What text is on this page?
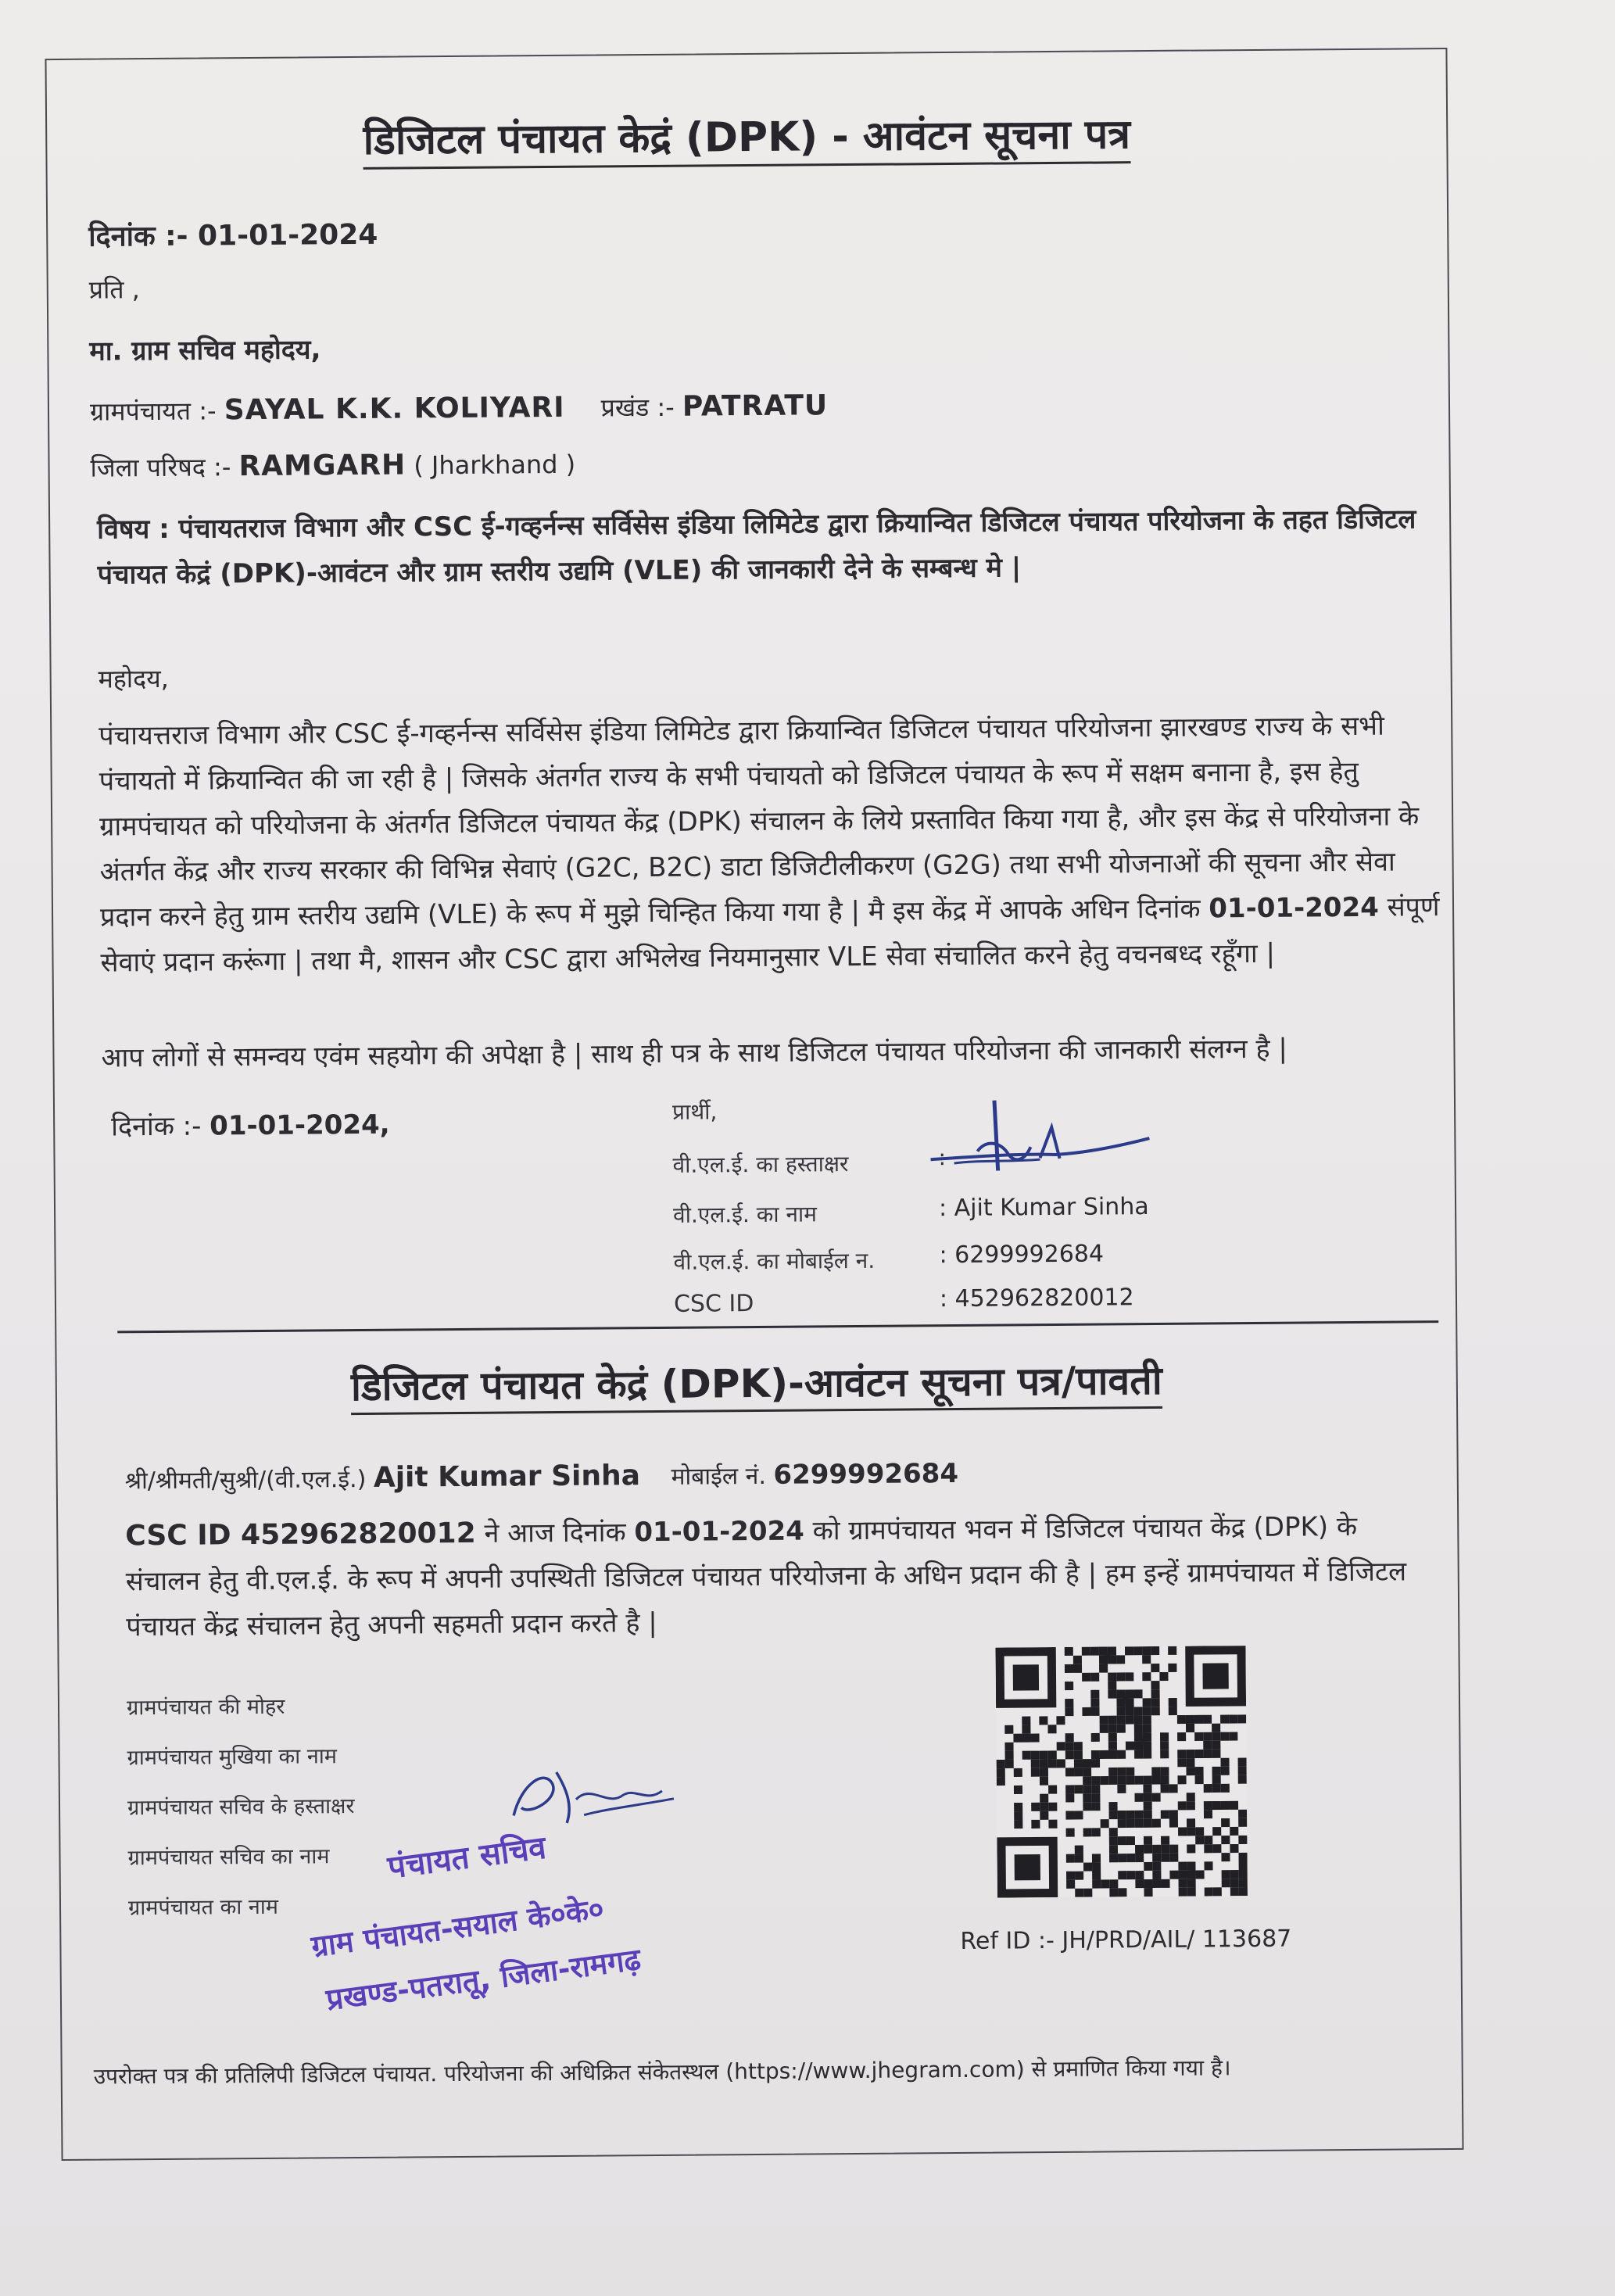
डिजिटल पंचायत केद्रं (DPK) - आवंटन सूचना पत्र
दिनांक :- 01-01-2024
प्रति ,
मा. ग्राम सचिव महोदय,
ग्रामपंचायत :- SAYAL K.K. KOLIYARI प्रखंड :- PATRATU
जिला परिषद :- RAMGARH ( Jharkhand )
विषय : पंचायतराज विभाग और CSC ई-गव्हर्नन्स सर्विसेस इंडिया लिमिटेड द्वारा क्रियान्वित डिजिटल पंचायत परियोजना के तहत डिजिटल पंचायत केद्रं (DPK)-आवंटन और ग्राम स्तरीय उद्यमि (VLE) की जानकारी देने के सम्बन्ध मे |
महोदय,
पंचायत्तराज विभाग और CSC ई-गव्हर्नन्स सर्विसेस इंडिया लिमिटेड द्वारा क्रियान्वित डिजिटल पंचायत परियोजना झारखण्ड राज्य के सभी पंचायतो में क्रियान्वित की जा रही है | जिसके अंतर्गत राज्य के सभी पंचायतो को डिजिटल पंचायत के रूप में सक्षम बनाना है, इस हेतु ग्रामपंचायत को परियोजना के अंतर्गत डिजिटल पंचायत केंद्र (DPK) संचालन के लिये प्रस्तावित किया गया है, और इस केंद्र से परियोजना के अंतर्गत केंद्र और राज्य सरकार की विभिन्न सेवाएं (G2C, B2C) डाटा डिजिटीलीकरण (G2G) तथा सभी योजनाओं की सूचना और सेवा प्रदान करने हेतु ग्राम स्तरीय उद्यमि (VLE) के रूप में मुझे चिन्हित किया गया है | मै इस केंद्र में आपके अधिन दिनांक 01-01-2024 संपूर्ण सेवाएं प्रदान करूंगा | तथा मै, शासन और CSC द्वारा अभिलेख नियमानुसार VLE सेवा संचालित करने हेतु वचनबध्द रहूँगा |
आप लोगों से समन्वय एवंम सहयोग की अपेक्षा है | साथ ही पत्र के साथ डिजिटल पंचायत परियोजना की जानकारी संलग्न है |
दिनांक :- 01-01-2024,	प्रार्थी,
वी.एल.ई. का हस्ताक्षर	:
वी.एल.ई. का नाम	: Ajit Kumar Sinha
वी.एल.ई. का मोबाईल न.	: 6299992684
CSC ID	: 452962820012
डिजिटल पंचायत केद्रं (DPK)-आवंटन सूचना पत्र/पावती
श्री/श्रीमती/सुश्री/(वी.एल.ई.) Ajit Kumar Sinha मोबाईल नं. 6299992684
CSC ID 452962820012 ने आज दिनांक 01-01-2024 को ग्रामपंचायत भवन में डिजिटल पंचायत केंद्र (DPK) के संचालन हेतु वी.एल.ई. के रूप में अपनी उपस्थिती डिजिटल पंचायत परियोजना के अधिन प्रदान की है | हम इन्हें ग्रामपंचायत में डिजिटल पंचायत केंद्र संचालन हेतु अपनी सहमती प्रदान करते है |
ग्रामपंचायत की मोहर
ग्रामपंचायत मुखिया का नाम
ग्रामपंचायत सचिव के हस्ताक्षर
ग्रामपंचायत सचिव का नाम
ग्रामपंचायत का नाम
पंचायत सचिव
ग्राम पंचायत-सयाल के०के०
प्रखण्ड-पतरातू, जिला-रामगढ़
Ref ID :- JH/PRD/AIL/ 113687
उपरोक्त पत्र की प्रतिलिपी डिजिटल पंचायत. परियोजना की अधिक्रित संकेतस्थल (https://www.jhegram.com) से प्रमाणित किया गया है।
